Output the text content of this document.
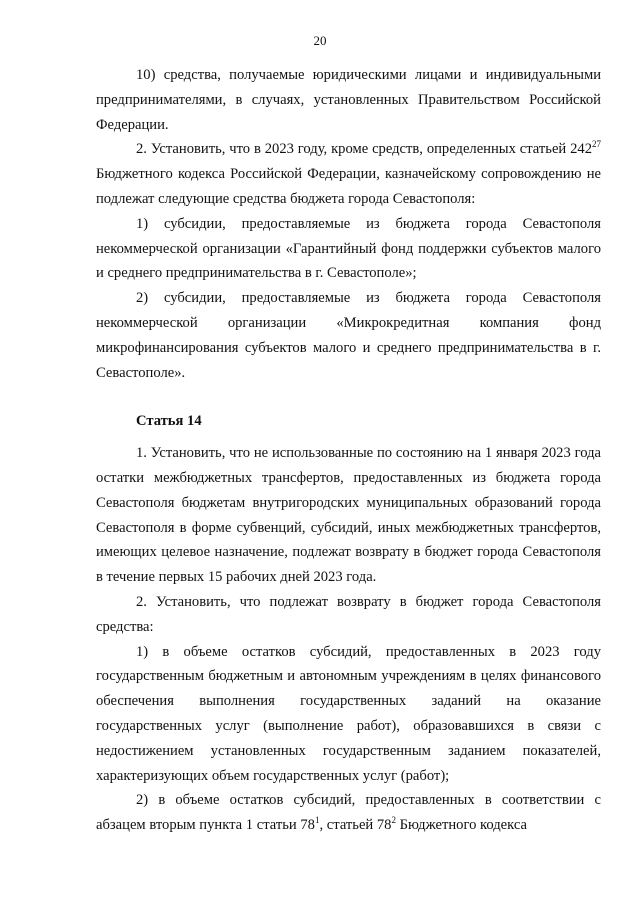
20

10) средства, получаемые юридическими лицами и индивидуальными предпринимателями, в случаях, установленных Правительством Российской Федерации.

2. Установить, что в 2023 году, кроме средств, определенных статьей $242^{27}$ Бюджетного кодекса Российской Федерации, казначейскому сопровождению не подлежат следующие средства бюджета города Севастополя:

1) субсидии, предоставляемые из бюджета города Севастополя некоммерческой организации «Гарантийный фонд поддержки субъектов малого и среднего предпринимательства в г. Севастополе»;

2) субсидии, предоставляемые из бюджета города Севастополя некоммерческой организации «Микрокредитная компания фонд микрофинансирования субъектов малого и среднего предпринимательства в г. Севастополе».

Статья 14

1. Установить, что не использованные по состоянию на 1 января 2023 года остатки межбюджетных трансфертов, предоставленных из бюджета города Севастополя бюджетам внутригородских муниципальных образований города Севастополя в форме субвенций, субсидий, иных межбюджетных трансфертов, имеющих целевое назначение, подлежат возврату в бюджет города Севастополя в течение первых 15 рабочих дней 2023 года.

2. Установить, что подлежат возврату в бюджет города Севастополя средства:

1) в объеме остатков субсидий, предоставленных в 2023 году государственным бюджетным и автономным учреждениям в целях финансового обеспечения выполнения государственных заданий на оказание государственных услуг (выполнение работ), образовавшихся в связи с недостижением установленных государственным заданием показателей, характеризующих объем государственных услуг (работ);

2) в объеме остатков субсидий, предоставленных в соответствии с абзацем вторым пункта 1 статьи $78^1$, статьей $78^2$ Бюджетного кодекса
